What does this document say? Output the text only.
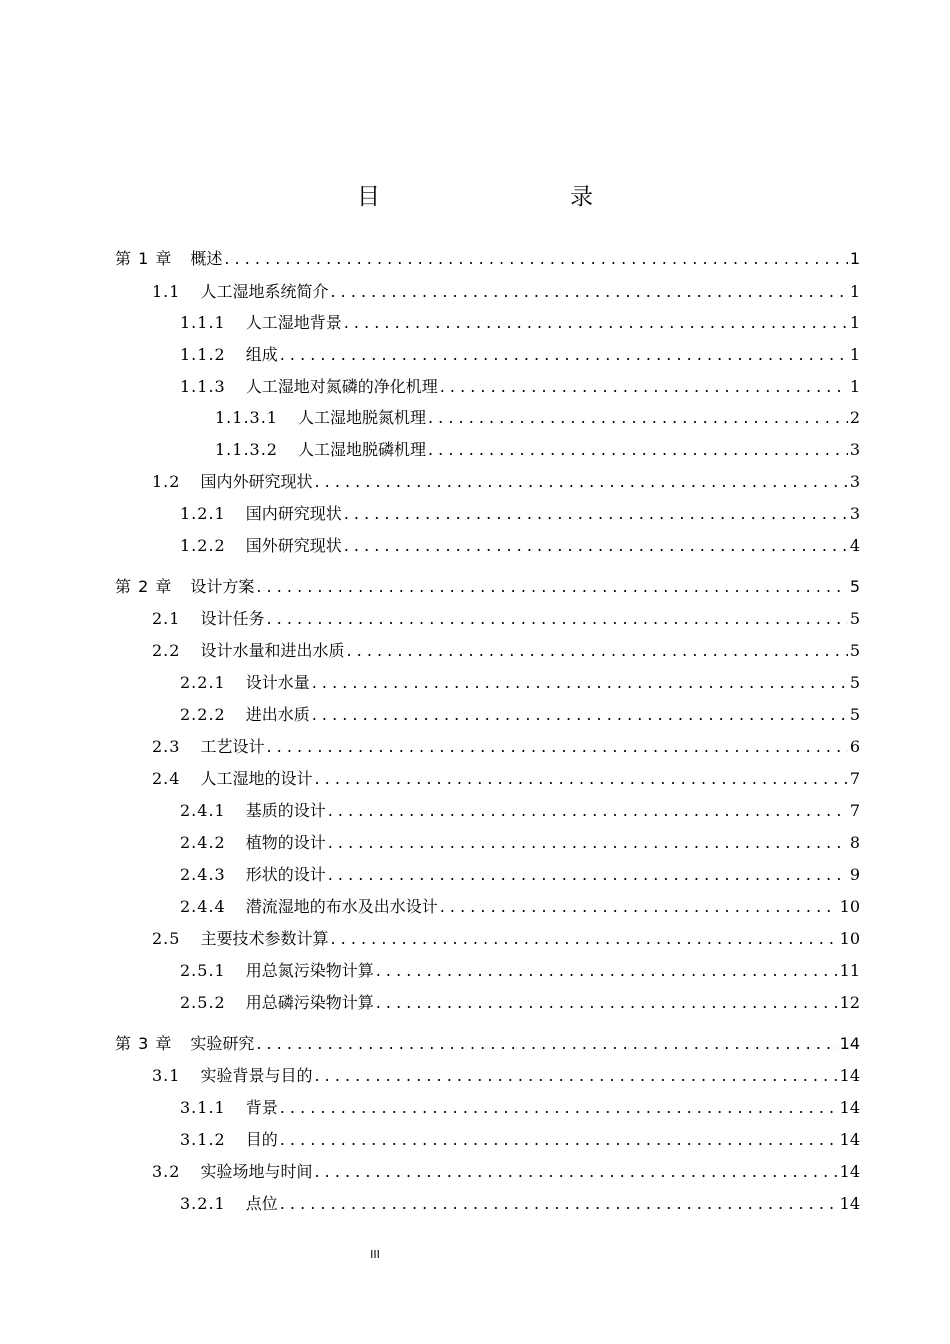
目　　录
第 1 章 概述 . . .	1
1.1 人工湿地系统简介 . . .	1
1.1.1 人工湿地背景 . . .	1
1.1.2 组成 . . .	1
1.1.3 人工湿地对氮磷的净化机理 . . .	1
1.1.3.1 人工湿地脱氮机理 . . .	2
1.1.3.2 人工湿地脱磷机理 . . .	3
1.2 国内外研究现状 . . .	3
1.2.1 国内研究现状 . . .	3
1.2.2 国外研究现状 . . .	4
第 2 章 设计方案 . . .	5
2.1 设计任务 . . .	5
2.2 设计水量和进出水质 . . .	5
2.2.1 设计水量 . . .	5
2.2.2 进出水质 . . .	5
2.3 工艺设计 . . .	6
2.4 人工湿地的设计 . . .	7
2.4.1 基质的设计 . . .	7
2.4.2 植物的设计 . . .	8
2.4.3 形状的设计 . . .	9
2.4.4 潜流湿地的布水及出水设计 . . .	10
2.5 主要技术参数计算 . . .	10
2.5.1 用总氮污染物计算 . . .	11
2.5.2 用总磷污染物计算 . . .	12
第 3 章 实验研究 . . .	14
3.1 实验背景与目的 . . .	14
3.1.1 背景 . . .	14
3.1.2 目的 . . .	14
3.2 实验场地与时间 . . .	14
3.2.1 点位 . . .	14
III
